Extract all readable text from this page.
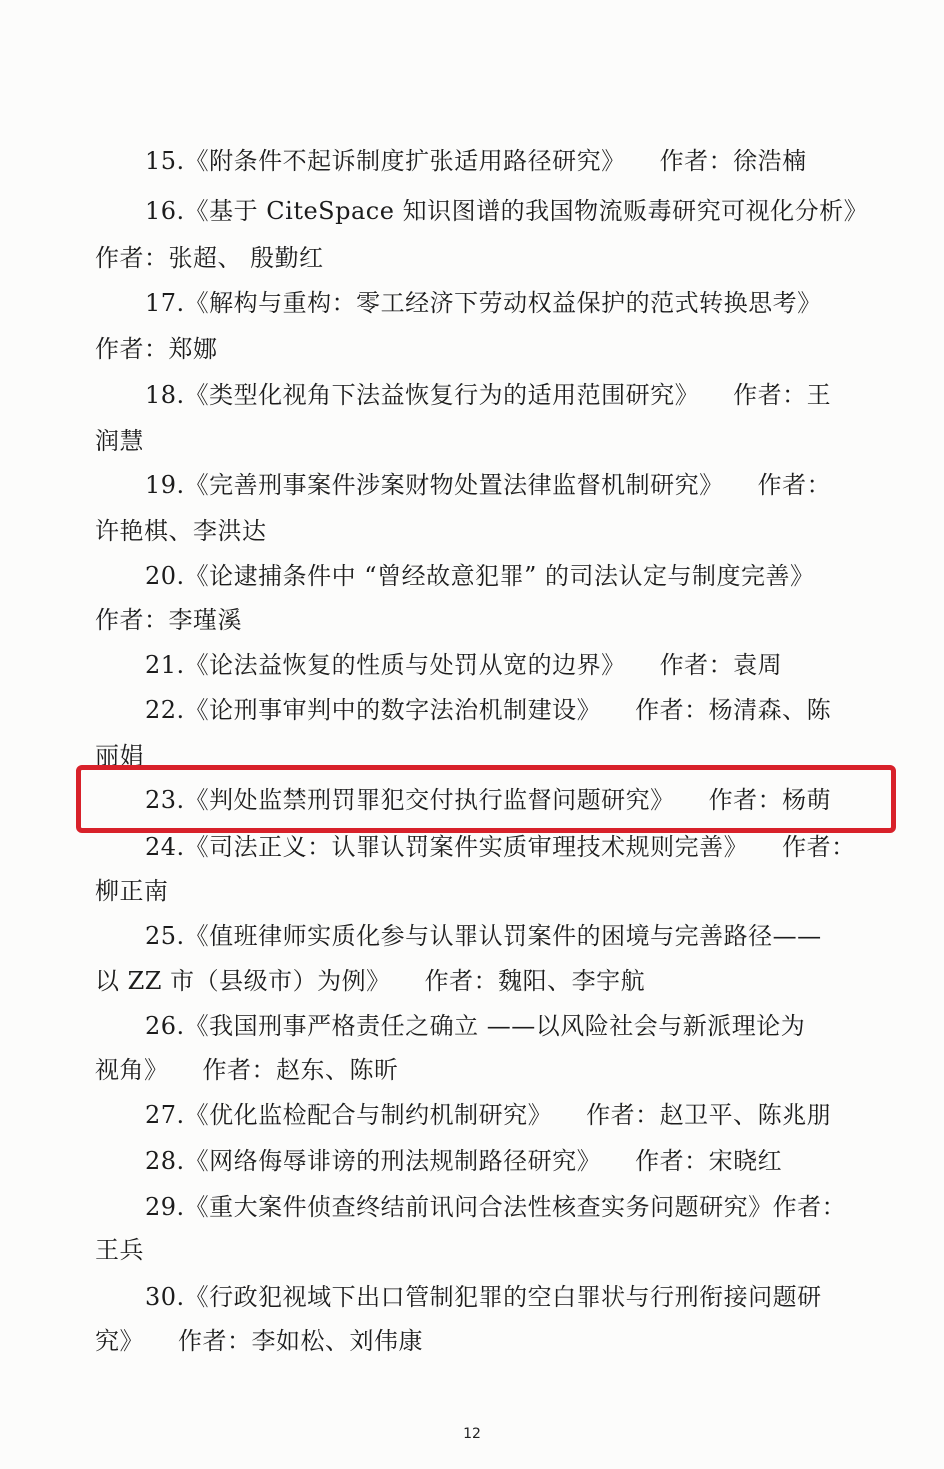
15.《附条件不起诉制度扩张适用路径研究》 作者：徐浩楠
16.《基于 CiteSpace 知识图谱的我国物流贩毒研究可视化分析》
作者：张超、 殷勤红
17.《解构与重构：零工经济下劳动权益保护的范式转换思考》
作者：郑娜
18.《类型化视角下法益恢复行为的适用范围研究》 作者：王
润慧
19.《完善刑事案件涉案财物处置法律监督机制研究》 作者：
许艳棋、李洪达
20.《论逮捕条件中 “曾经故意犯罪” 的司法认定与制度完善》
作者：李瑾溪
21.《论法益恢复的性质与处罚从宽的边界》 作者：袁周
22.《论刑事审判中的数字法治机制建设》 作者：杨清森、陈
丽娟
23.《判处监禁刑罚罪犯交付执行监督问题研究》 作者：杨萌
24.《司法正义：认罪认罚案件实质审理技术规则完善》 作者：
柳正南
25.《值班律师实质化参与认罪认罚案件的困境与完善路径——
以 ZZ 市（县级市）为例》 作者：魏阳、李宇航
26.《我国刑事严格责任之确立 ——以风险社会与新派理论为
视角》 作者：赵东、陈昕
27.《优化监检配合与制约机制研究》 作者：赵卫平、陈兆朋
28.《网络侮辱诽谤的刑法规制路径研究》 作者：宋晓红
29.《重大案件侦查终结前讯问合法性核查实务问题研究》作者：
王兵
30.《行政犯视域下出口管制犯罪的空白罪状与行刑衔接问题研
究》 作者：李如松、刘伟康
12
